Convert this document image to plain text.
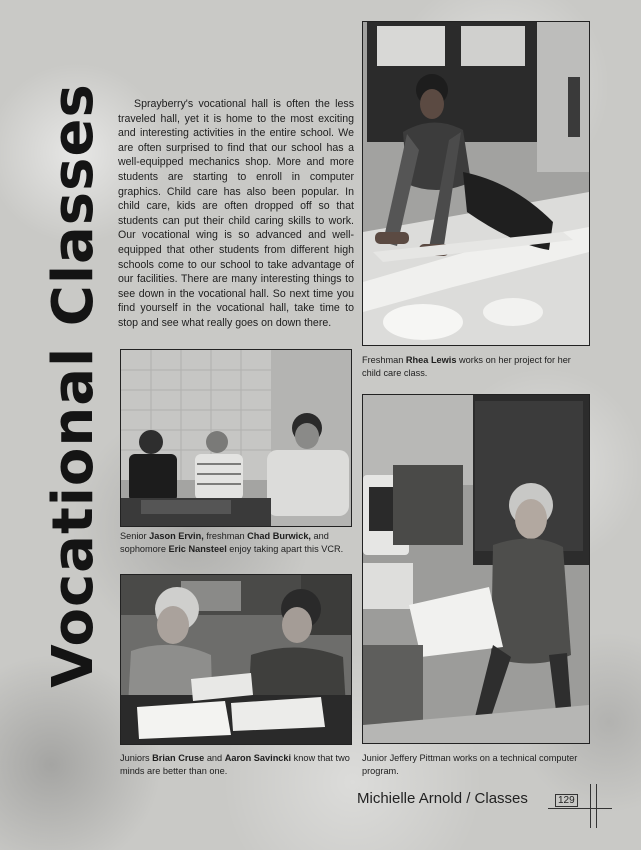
Vocational Classes	Sprayberry's vocational hall is often the less traveled hall, yet it is home to the most exciting and interesting activities in the entire school. We are often surprised to find that our school has a well-equipped mechanics shop. More and more students are starting to enroll in computer graphics. Child care has also been popular. In child care, kids are often dropped off so that students can put their child caring skills to work. Our vocational wing is so advanced and well-equipped that other students from different high schools come to our school to take advantage of our facilities. There are many interesting things to see down in the vocational hall. So next time you find yourself in the vocational hall, take time to stop and see what really goes on down there.

Freshman Rhea Lewis works on her project for her child care class.
Senior Jason Ervin, freshman Chad Burwick, and sophomore Eric Nansteel enjoy taking apart this VCR.
Junior Jeffery Pittman works on a technical computer program.
Juniors Brian Cruse and Aaron Savincki know that two minds are better than one.
Michielle Arnold / Classes	129
